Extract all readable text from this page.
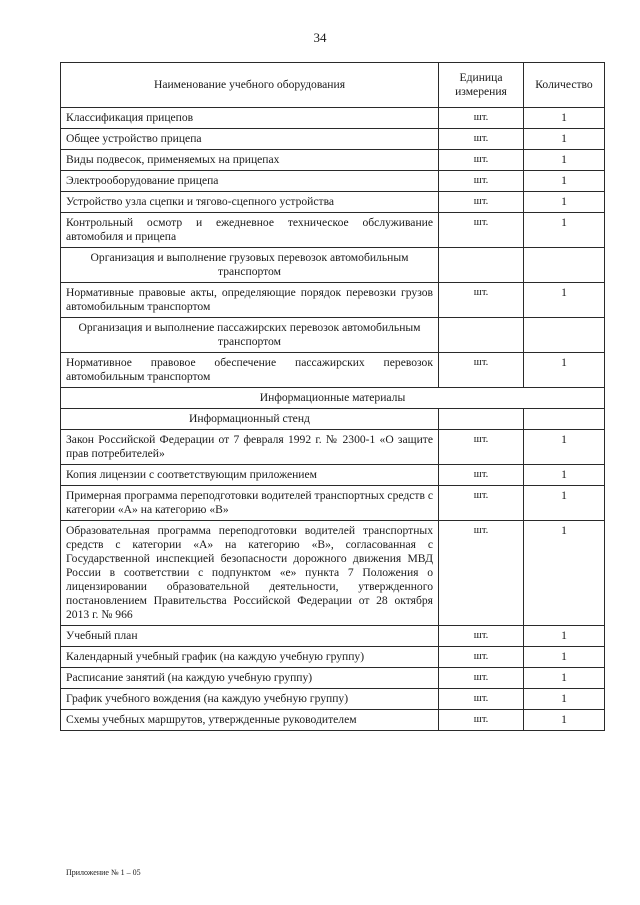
34
Наименование учебного оборудования	Единица измерения	Количество
Классификация прицепов	шт.	1
Общее устройство прицепа	шт.	1
Виды подвесок, применяемых на прицепах	шт.	1
Электрооборудование прицепа	шт.	1
Устройство узла сцепки и тягово-сцепного устройства	шт.	1
Контрольный осмотр и ежедневное техническое обслуживание автомобиля и прицепа	шт.	1
Организация и выполнение грузовых перевозок автомобильным транспортом		
Нормативные правовые акты, определяющие порядок перевозки грузов автомобильным транспортом	шт.	1
Организация и выполнение пассажирских перевозок автомобильным транспортом		
Нормативное правовое обеспечение пассажирских перевозок автомобильным транспортом	шт.	1
Информационные материалы		
Информационный стенд		
Закон Российской Федерации от 7 февраля 1992 г. № 2300-1 «О защите прав потребителей»	шт.	1
Копия лицензии с соответствующим приложением	шт.	1
Примерная программа переподготовки водителей транспортных средств с категории «А» на категорию «В»	шт.	1
Образовательная программа переподготовки водителей транспортных средств с категории «А» на категорию «В», согласованная с Государственной инспекцией безопасности дорожного движения МВД России в соответствии с подпунктом «е» пункта 7 Положения о лицензировании образовательной деятельности, утвержденного постановлением Правительства Российской Федерации от 28 октября 2013 г. № 966	шт.	1
Учебный план	шт.	1
Календарный учебный график (на каждую учебную группу)	шт.	1
Расписание занятий (на каждую учебную группу)	шт.	1
График учебного вождения (на каждую учебную группу)	шт.	1
Схемы учебных маршрутов, утвержденные руководителем	шт.	1
Приложение № 1 – 05
